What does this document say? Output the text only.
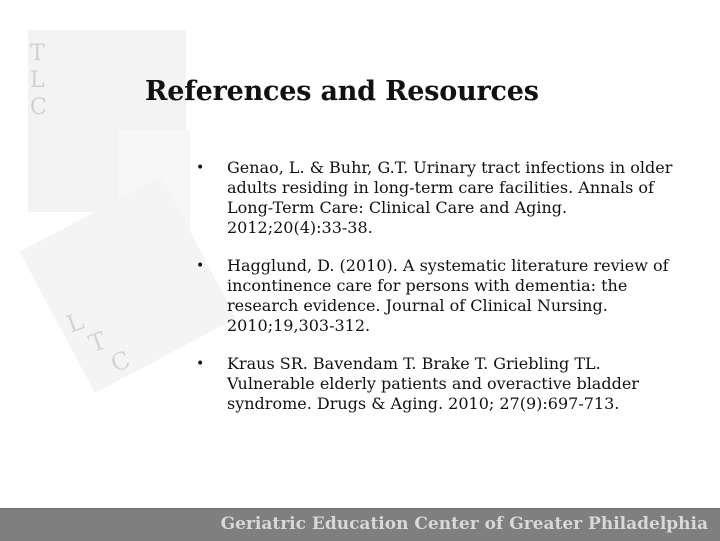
T
L
C
L
T
C
References and Resources
• Genao, L. & Buhr, G.T. Urinary tract infections in older adults residing in long-term care facilities. Annals of Long-Term Care: Clinical Care and Aging. 2012;20(4):33-38.
• Hagglund, D. (2010). A systematic literature review of incontinence care for persons with dementia: the research evidence. Journal of Clinical Nursing. 2010;19,303-312.
• Kraus SR. Bavendam T. Brake T. Griebling TL. Vulnerable elderly patients and overactive bladder syndrome. Drugs & Aging. 2010; 27(9):697-713.
Geriatric Education Center of Greater Philadelphia
